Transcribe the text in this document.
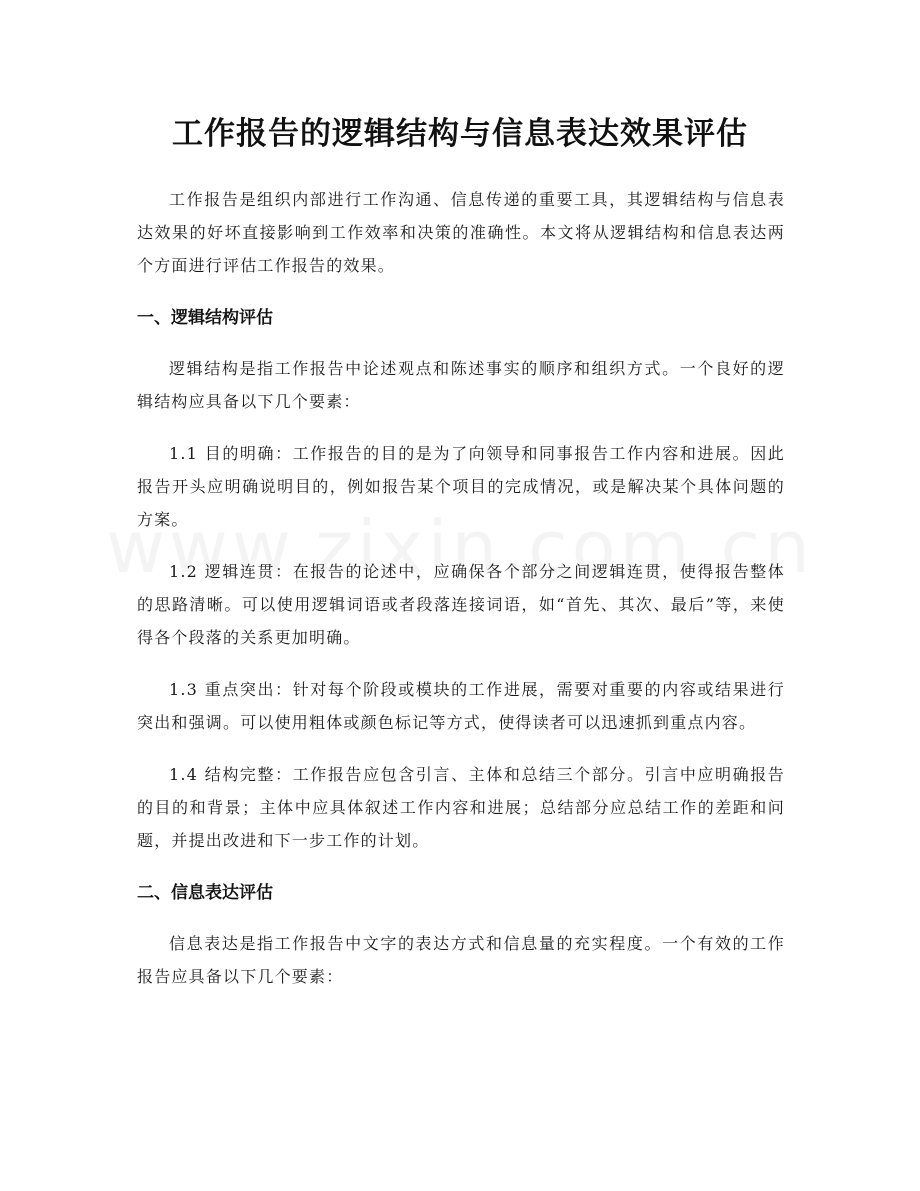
工作报告的逻辑结构与信息表达效果评估

工作报告是组织内部进行工作沟通、信息传递的重要工具，其逻辑结构与信息表达效果的好坏直接影响到工作效率和决策的准确性。本文将从逻辑结构和信息表达两个方面进行评估工作报告的效果。

一、逻辑结构评估

逻辑结构是指工作报告中论述观点和陈述事实的顺序和组织方式。一个良好的逻辑结构应具备以下几个要素：

1.1 目的明确：工作报告的目的是为了向领导和同事报告工作内容和进展。因此报告开头应明确说明目的，例如报告某个项目的完成情况，或是解决某个具体问题的方案。

1.2 逻辑连贯：在报告的论述中，应确保各个部分之间逻辑连贯，使得报告整体的思路清晰。可以使用逻辑词语或者段落连接词语，如“首先、其次、最后”等，来使得各个段落的关系更加明确。

1.3 重点突出：针对每个阶段或模块的工作进展，需要对重要的内容或结果进行突出和强调。可以使用粗体或颜色标记等方式，使得读者可以迅速抓到重点内容。

1.4 结构完整：工作报告应包含引言、主体和总结三个部分。引言中应明确报告的目的和背景；主体中应具体叙述工作内容和进展；总结部分应总结工作的差距和问题，并提出改进和下一步工作的计划。

二、信息表达评估

信息表达是指工作报告中文字的表达方式和信息量的充实程度。一个有效的工作报告应具备以下几个要素：
